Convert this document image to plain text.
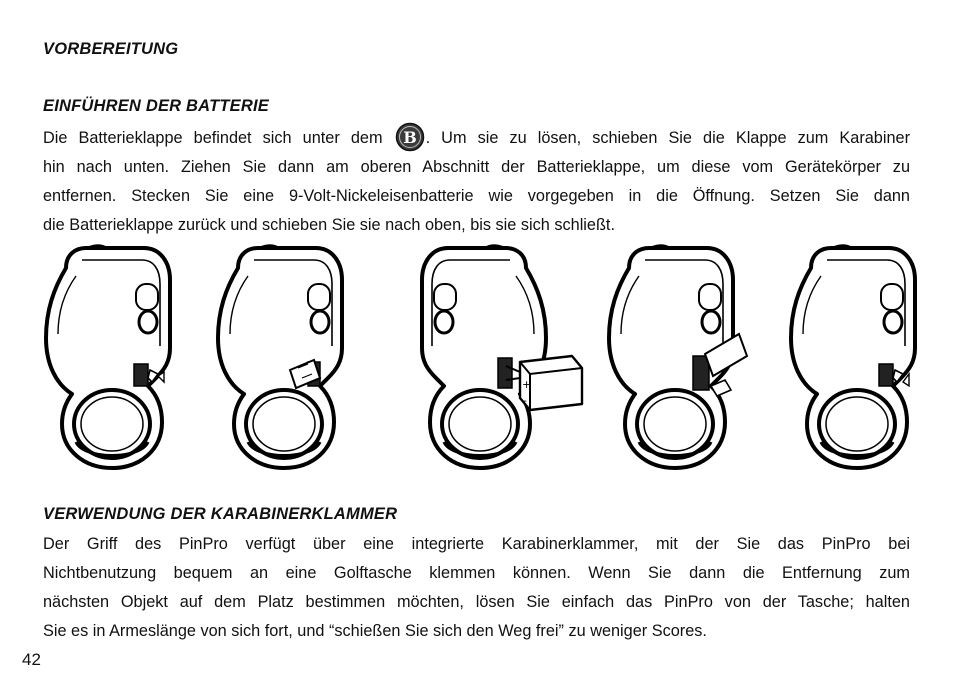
VORBEREITUNG
EINFÜHREN DER BATTERIE
Die Batterieklappe befindet sich unter dem B . Um sie zu lösen, schieben Sie die Klappe zum Karabiner
hin nach unten. Ziehen Sie dann am oberen Abschnitt der Batterieklappe, um diese vom Gerätekörper zu
entfernen. Stecken Sie eine 9-Volt-Nickeleisenbatterie wie vorgegeben in die Öffnung. Setzen Sie dann
die Batterieklappe zurück und schieben Sie sie nach oben, bis sie sich schließt.
+
-
VERWENDUNG DER KARABINERKLAMMER
Der Griff des PinPro verfügt über eine integrierte Karabinerklammer, mit der Sie das PinPro bei
Nichtbenutzung bequem an eine Golftasche klemmen können. Wenn Sie dann die Entfernung zum
nächsten Objekt auf dem Platz bestimmen möchten, lösen Sie einfach das PinPro von der Tasche; halten
Sie es in Armeslänge von sich fort, und “schießen Sie sich den Weg frei” zu weniger Scores.
42
